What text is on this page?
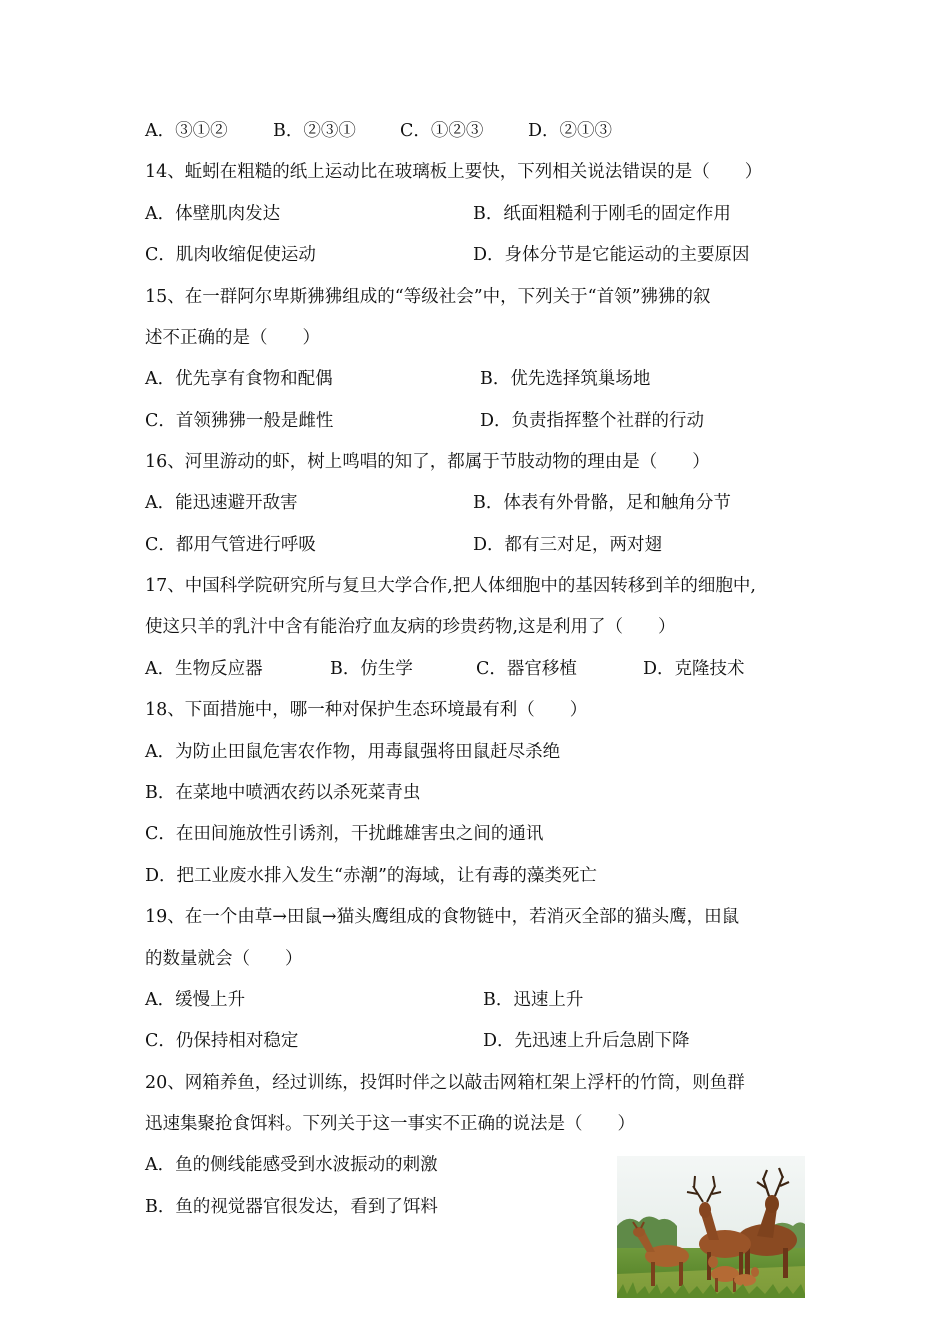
A．③①②	B．②③①	C．①②③	D．②①③
14、蚯蚓在粗糙的纸上运动比在玻璃板上要快，下列相关说法错误的是（　　）
A．体壁肌肉发达	B．纸面粗糙利于刚毛的固定作用
C．肌肉收缩促使运动	D．身体分节是它能运动的主要原因
15、在一群阿尔卑斯狒狒组成的“等级社会”中，下列关于“首领”狒狒的叙
述不正确的是（　　）
A．优先享有食物和配偶	B．优先选择筑巢场地
C．首领狒狒一般是雌性	D．负责指挥整个社群的行动
16、河里游动的虾，树上鸣唱的知了，都属于节肢动物的理由是（　　）
A．能迅速避开敌害	B．体表有外骨骼，足和触角分节
C．都用气管进行呼吸	D．都有三对足，两对翅
17、中国科学院研究所与复旦大学合作,把人体细胞中的基因转移到羊的细胞中,
使这只羊的乳汁中含有能治疗血友病的珍贵药物,这是利用了（　　）
A．生物反应器	B．仿生学	C．器官移植	D．克隆技术
18、下面措施中，哪一种对保护生态环境最有利（　　）
A．为防止田鼠危害农作物，用毒鼠强将田鼠赶尽杀绝
B．在菜地中喷洒农药以杀死菜青虫
C．在田间施放性引诱剂，干扰雌雄害虫之间的通讯
D．把工业废水排入发生“赤潮”的海域，让有毒的藻类死亡
19、在一个由草→田鼠→猫头鹰组成的食物链中，若消灭全部的猫头鹰，田鼠
的数量就会（　　）
A．缓慢上升	B．迅速上升
C．仍保持相对稳定	D．先迅速上升后急剧下降
20、网箱养鱼，经过训练，投饵时伴之以敲击网箱杠架上浮杆的竹筒，则鱼群
迅速集聚抢食饵料。下列关于这一事实不正确的说法是（　　）
A．鱼的侧线能感受到水波振动的刺激
B．鱼的视觉器官很发达，看到了饵料
